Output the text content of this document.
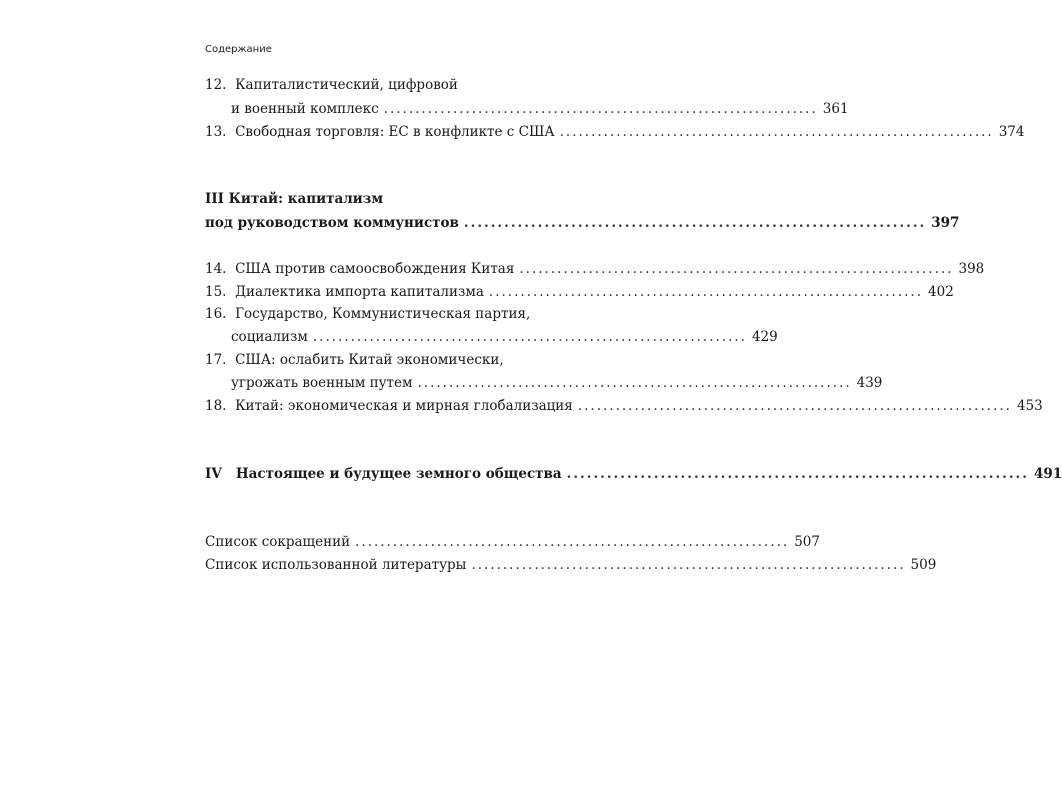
Содержание
12. Капиталистический, цифровой
и военный комплекс ..................................................................... 361
13. Свободная торговля: ЕС в конфликте с США ..................................................................... 374
III Китай: капитализм
под руководством коммунистов ..................................................................... 397
14. США против самоосвобождения Китая ..................................................................... 398
15. Диалектика импорта капитализма ..................................................................... 402
16. Государство, Коммунистическая партия,
социализм ..................................................................... 429
17. США: ослабить Китай экономически,
угрожать военным путем ..................................................................... 439
18. Китай: экономическая и мирная глобализация ..................................................................... 453
IV Настоящее и будущее земного общества ..................................................................... 491
Список сокращений ..................................................................... 507
Список использованной литературы ..................................................................... 509
